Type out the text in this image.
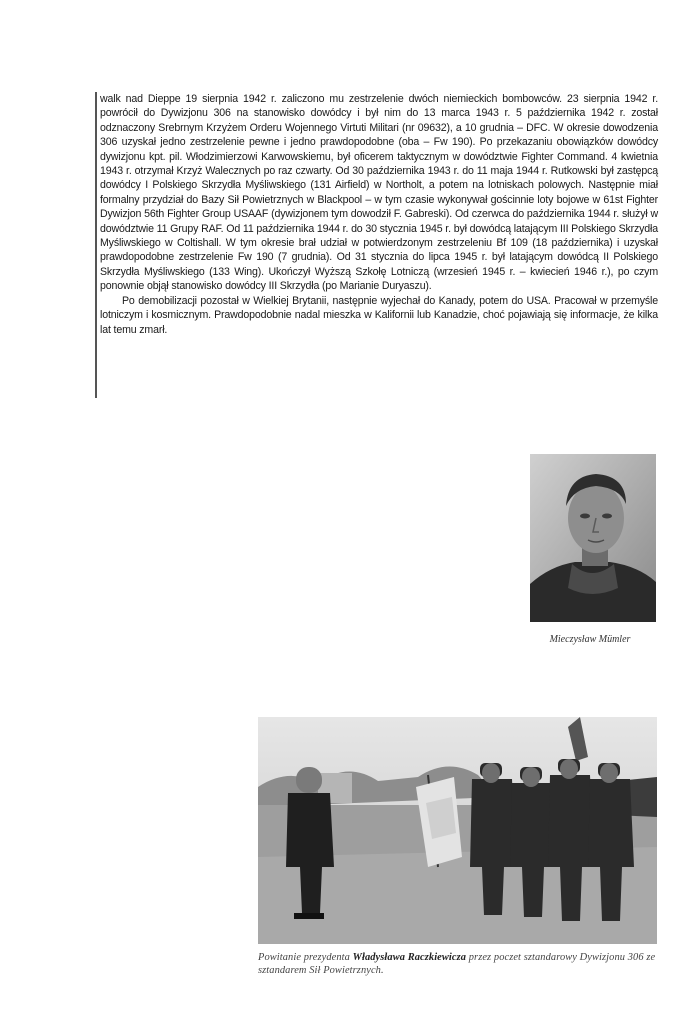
walk nad Dieppe 19 sierpnia 1942 r. zaliczono mu zestrzelenie dwóch niemieckich bombowców. 23 sierpnia 1942 r. powrócił do Dywizjonu 306 na stanowisko dowódcy i był nim do 13 marca 1943 r. 5 października 1942 r. został odznaczony Srebrnym Krzyżem Orderu Wojennego Virtuti Militari (nr 09632), a 10 grudnia – DFC. W okresie dowodzenia 306 uzyskał jedno zestrzelenie pewne i jedno prawdopodobne (oba – Fw 190). Po przekazaniu obowiązków dowódcy dywizjonu kpt. pil. Włodzimierzowi Karwowskiemu, był oficerem taktycznym w dowództwie Fighter Command. 4 kwietnia 1943 r. otrzymał Krzyż Walecznych po raz czwarty. Od 30 października 1943 r. do 11 maja 1944 r. Rutkowski był zastępcą dowódcy I Polskiego Skrzydła Myśliwskiego (131 Airfield) w Northolt, a potem na lotniskach polowych. Następnie miał formalny przydział do Bazy Sił Powietrznych w Blackpool – w tym czasie wykonywał gościnnie loty bojowe w 61st Fighter Dywizjon 56th Fighter Group USAAF (dywizjonem tym dowodził F. Gabreski). Od czerwca do października 1944 r. służył w dowództwie 11 Grupy RAF. Od 11 października 1944 r. do 30 stycznia 1945 r. był dowódcą latającym III Polskiego Skrzydła Myśliwskiego w Coltishall. W tym okresie brał udział w potwierdzonym zestrzeleniu Bf 109 (18 października) i uzyskał prawdopodobne zestrzelenie Fw 190 (7 grudnia). Od 31 stycznia do lipca 1945 r. był latającym dowódcą II Polskiego Skrzydła Myśliwskiego (133 Wing). Ukończył Wyższą Szkołę Lotniczą (wrzesień 1945 r. – kwiecień 1946 r.), po czym ponownie objął stanowisko dowódcy III Skrzydła (po Marianie Duryaszu).

Po demobilizacji pozostał w Wielkiej Brytanii, następnie wyjechał do Kanady, potem do USA. Pracował w przemyśle lotniczym i kosmicznym. Prawdopodobnie nadal mieszka w Kalifornii lub Kanadzie, choć pojawiają się informacje, że kilka lat temu zmarł.

Mieczysław Mümler
Powitanie prezydenta Władysława Raczkiewicza przez poczet sztandarowy Dywizjonu 306 ze sztandarem Sił Powietrznych.
